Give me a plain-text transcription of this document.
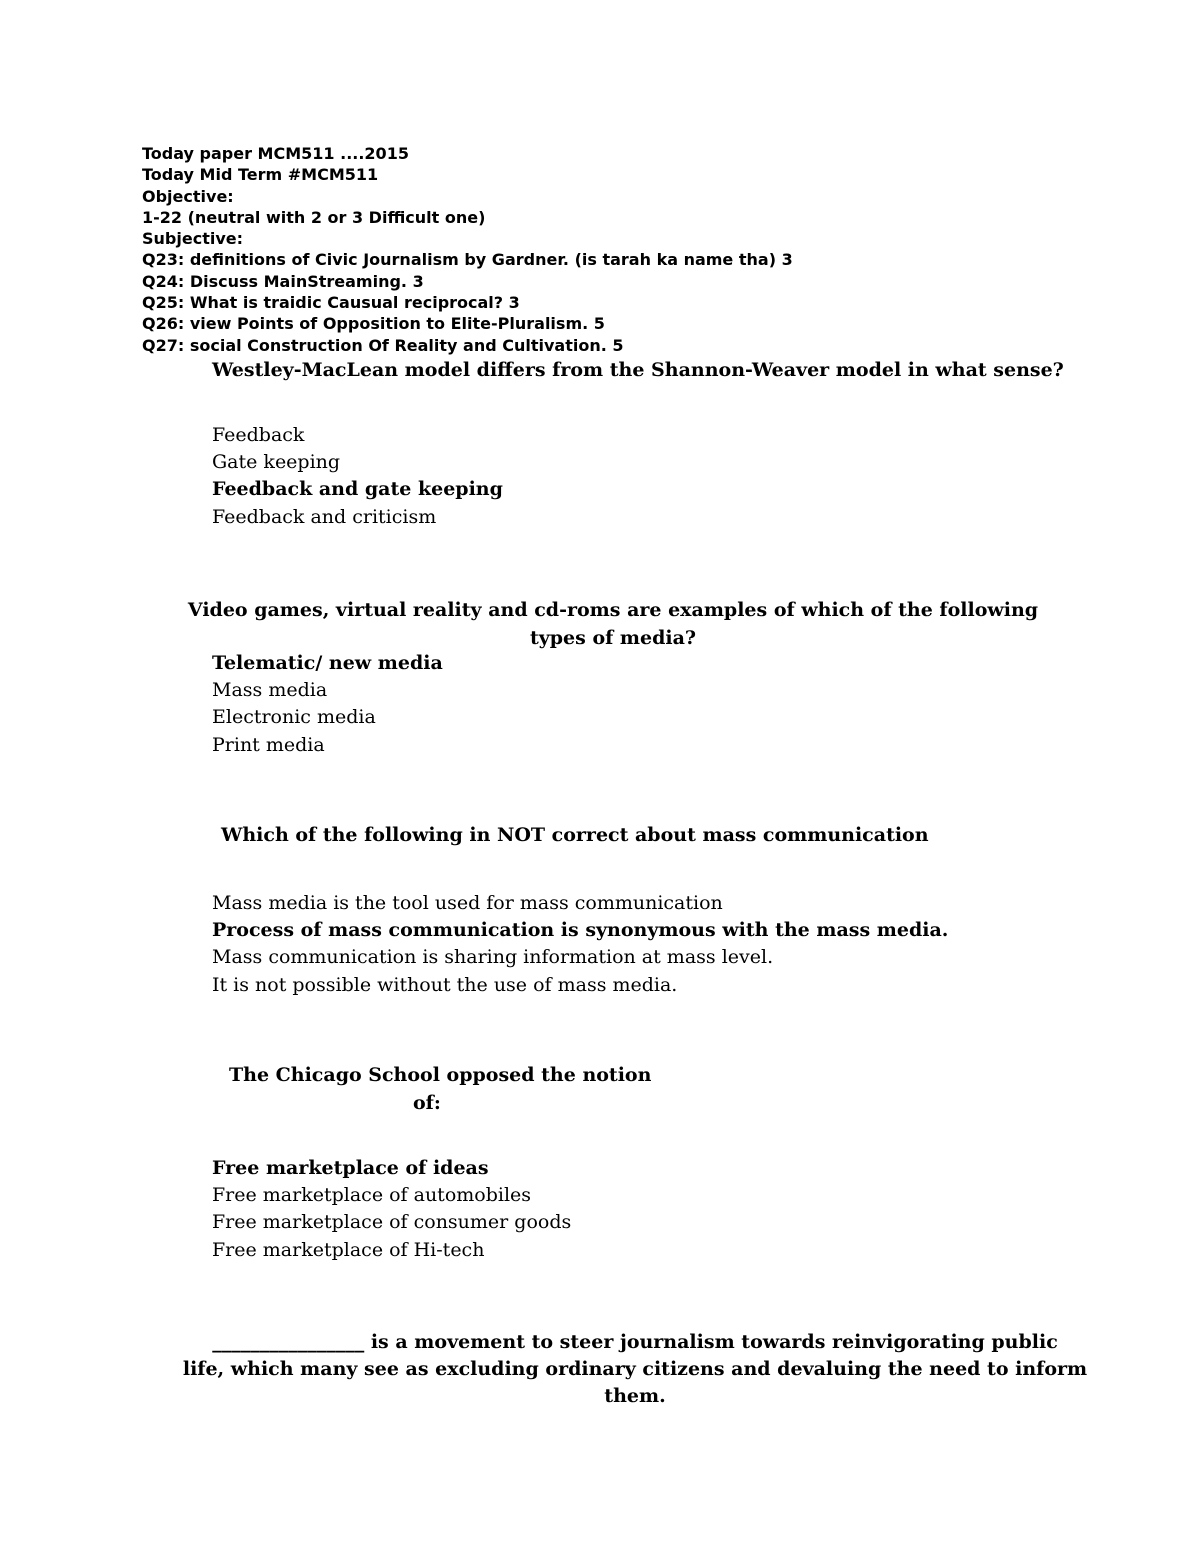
Today paper MCM511 ....2015
Today Mid Term #MCM511
Objective:
1-22 (neutral with 2 or 3 Difficult one)
Subjective:
Q23: definitions of Civic Journalism by Gardner. (is tarah ka name tha) 3
Q24: Discuss MainStreaming. 3
Q25: What is traidic Causual reciprocal? 3
Q26: view Points of Opposition to Elite-Pluralism. 5
Q27: social Construction Of Reality and Cultivation. 5
Westley-MacLean model differs from the Shannon-Weaver model in what sense?
Feedback
Gate keeping
Feedback and gate keeping
Feedback and criticism
Video games, virtual reality and cd-roms are examples of which of the following
types of media?
Telematic/ new media
Mass media
Electronic media
Print media
Which of the following in NOT correct about mass communication
Mass media is the tool used for mass communication
Process of mass communication is synonymous with the mass media.
Mass communication is sharing information at mass level.
It is not possible without the use of mass media.
The Chicago School opposed the notion
of:
Free marketplace of ideas
Free marketplace of automobiles
Free marketplace of consumer goods
Free marketplace of Hi-tech
________________ is a movement to steer journalism towards reinvigorating public
life, which many see as excluding ordinary citizens and devaluing the need to inform
them.
